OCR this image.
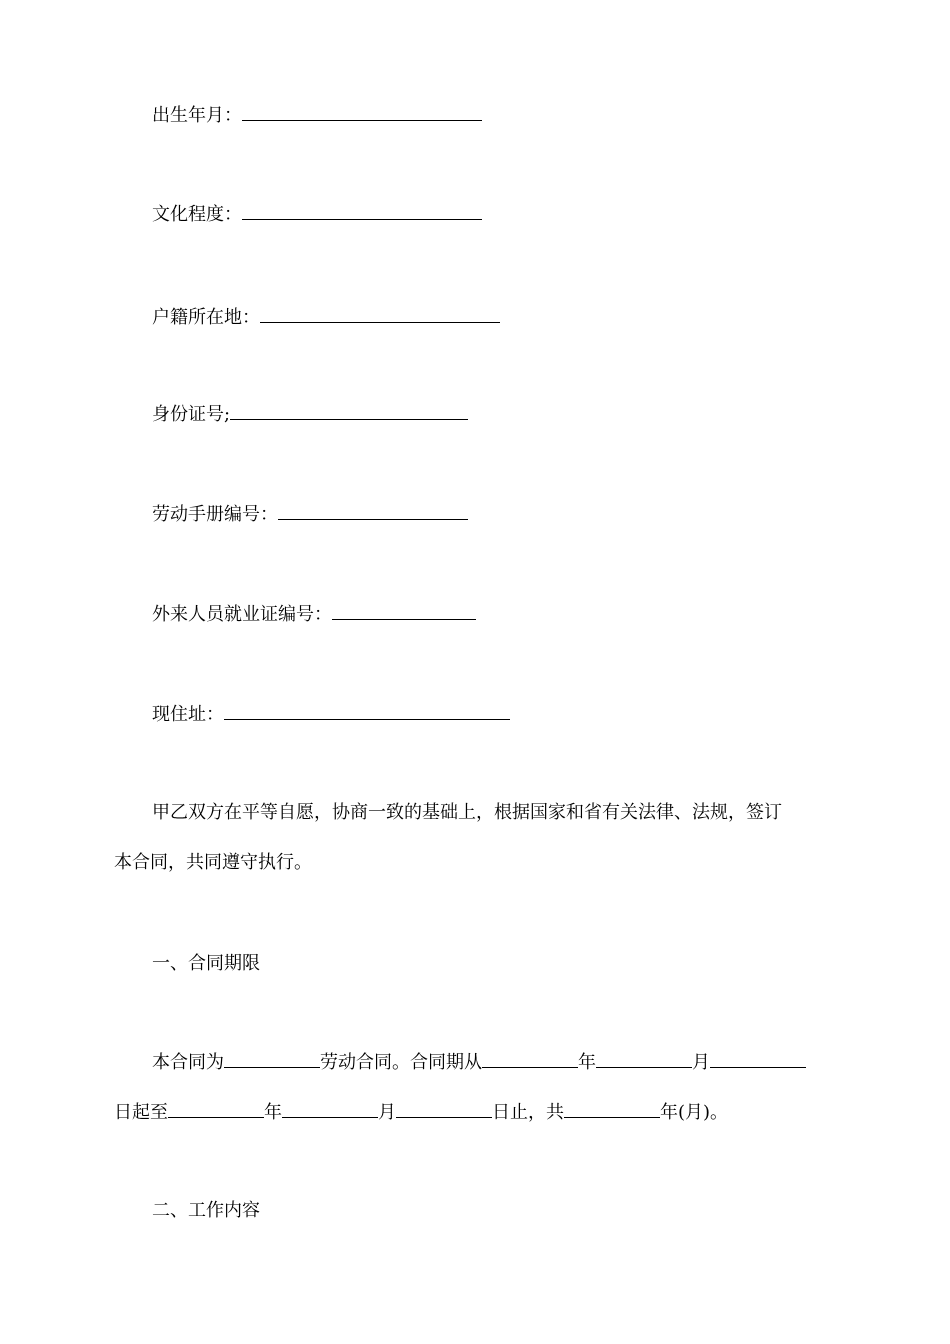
出生年月：
文化程度：
户籍所在地：
身份证号;
劳动手册编号：
外来人员就业证编号：
现住址：
甲乙双方在平等自愿，协商一致的基础上，根据国家和省有关法律、法规，签订
本合同，共同遵守执行。
一、合同期限
本合同为	劳动合同。合同期从	年	月
日起至	年	月	日止，共	年(月)。
二、工作内容
